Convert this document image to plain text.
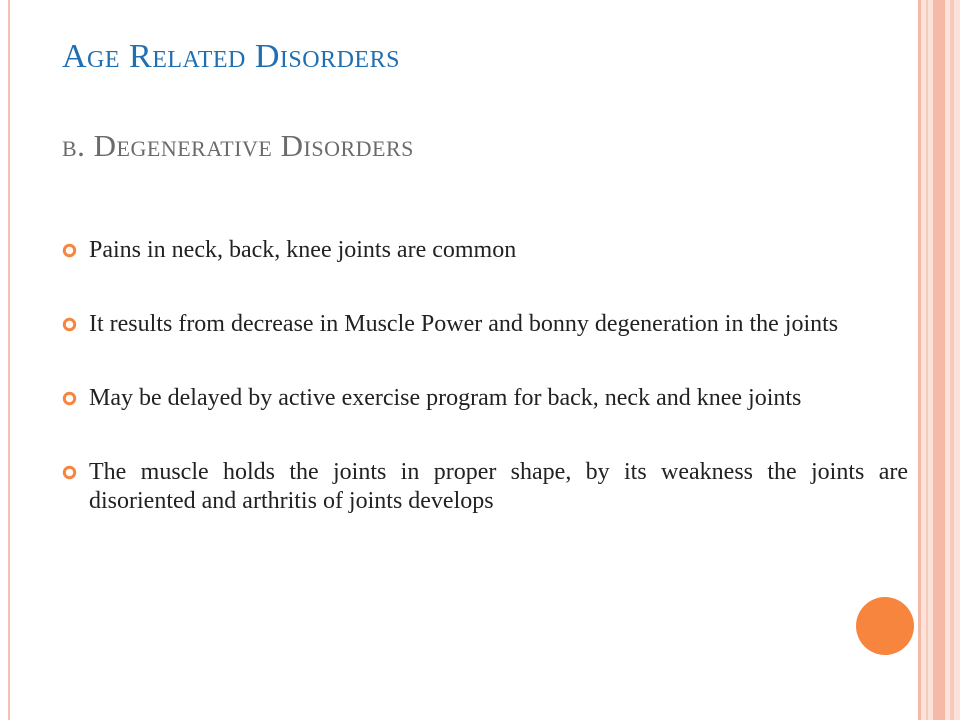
Age Related Disorders
b. Degenerative Disorders
Pains in neck, back, knee joints are common
It results from decrease in Muscle Power and bonny degeneration in the joints
May be delayed by active exercise program for back, neck and knee joints
The muscle holds the joints in proper shape, by its weakness the joints are disoriented and arthritis of joints develops
